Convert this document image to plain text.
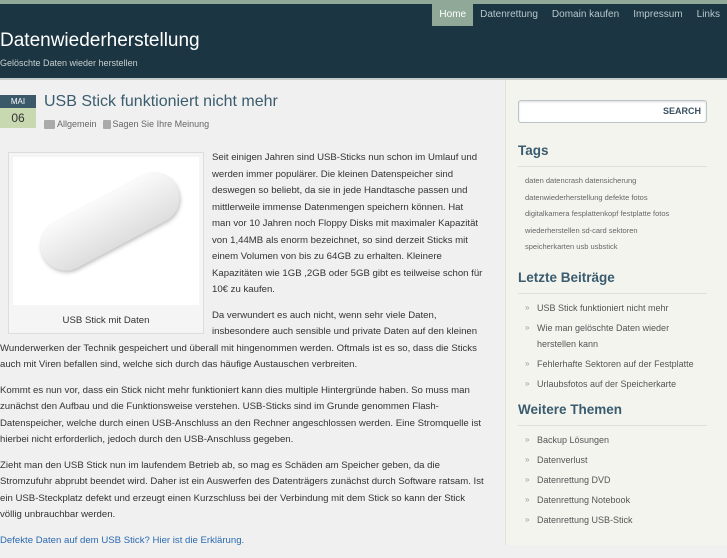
Home	Datenrettung	Domain kaufen	Impressum	Links
Datenwiederherstellung
Gelöschte Daten wieder herstellen
MAI
06
USB Stick funktioniert nicht mehr
Allgemein	Sagen Sie Ihre Meinung
USB Stick mit Daten

Seit einigen Jahren sind USB-Sticks nun schon im Umlauf und werden immer populärer. Die kleinen Datenspeicher sind deswegen so beliebt, da sie in jede Handtasche passen und mittlerweile immense Datenmengen speichern können. Hat man vor 10 Jahren noch Floppy Disks mit maximaler Kapazität von 1,44MB als enorm bezeichnet, so sind derzeit Sticks mit einem Volumen von bis zu 64GB zu erhalten. Kleinere Kapazitäten wie 1GB ,2GB oder 5GB gibt es teilweise schon für 10€ zu kaufen.

Da verwundert es auch nicht, wenn sehr viele Daten, insbesondere auch sensible und private Daten auf den kleinen Wunderwerken der Technik gespeichert und überall mit hingenommen werden. Oftmals ist es so, dass die Sticks auch mit Viren befallen sind, welche sich durch das häufige Austauschen verbreiten.

Kommt es nun vor, dass ein Stick nicht mehr funktioniert kann dies multiple Hintergründe haben. So muss man zunächst den Aufbau und die Funktionsweise verstehen. USB-Sticks sind im Grunde genommen Flash-Datenspeicher, welche durch einen USB-Anschluss an den Rechner angeschlossen werden. Eine Stromquelle ist hierbei nicht erforderlich, jedoch durch den USB-Anschluss gegeben.

Zieht man den USB Stick nun im laufendem Betrieb ab, so mag es Schäden am Speicher geben, da die Stromzufuhr abprubt beendet wird. Daher ist ein Auswerfen des Datenträgers zunächst durch Software ratsam. Ist ein USB-Steckplatz defekt und erzeugt einen Kurzschluss bei der Verbindung mit dem Stick so kann der Stick völlig unbrauchbar werden.

Defekte Daten auf dem USB Stick? Hier ist die Erklärung.

SEARCH
Tags
daten datencrash datensicherung
datenwiederherstellung defekte fotos
digitalkamera fesplattenkopf festplatte fotos
wiederherstellen sd-card sektoren
speicherkarten usb usbstick
Letzte Beiträge
» USB Stick funktioniert nicht mehr
» Wie man gelöschte Daten wieder herstellen kann
» Fehlerhafte Sektoren auf der Festplatte
» Urlaubsfotos auf der Speicherkarte
Weitere Themen
» Backup Lösungen
» Datenverlust
» Datenrettung DVD
» Datenrettung Notebook
» Datenrettung USB-Stick
